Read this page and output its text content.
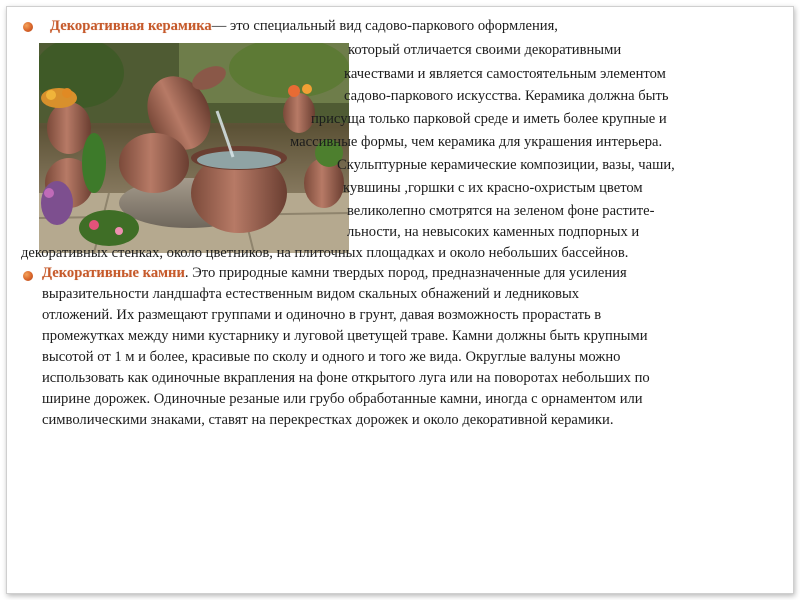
Декоративная керамика— это специальный вид садово-паркового оформления,
который отличается своими декоративными
качествами и является самостоятельным элементом
садово-паркового искусства. Керамика должна быть
присуща только парковой среде и иметь более крупные и
массивные формы, чем керамика для украшения интерьера.
Скульптурные керамические композиции, вазы, чаши,
кувшины ,горшки с их красно-охристым цветом
великолепно смотрятся на зеленом фоне растите-
льности, на невысоких каменных подпорных и
декоративных стенках, около цветников, на плиточных площадках и около небольших бассейнов.
Декоративные камни. Это природные камни твердых пород, предназначенные для усиления
выразительности ландшафта естественным видом скальных обнажений и ледниковых
отложений. Их размещают группами и одиночно в грунт, давая возможность прорастать в
промежутках между ними кустарнику и луговой цветущей траве. Камни должны быть крупными
высотой от 1 м и более, красивые по сколу и одного и того же вида. Округлые валуны можно
использовать как одиночные вкрапления на фоне открытого луга или на поворотах небольших по
ширине дорожек. Одиночные резаные или грубо обработанные камни, иногда с орнаментом или
символическими знаками, ставят на перекрестках дорожек и около декоративной керамики.
